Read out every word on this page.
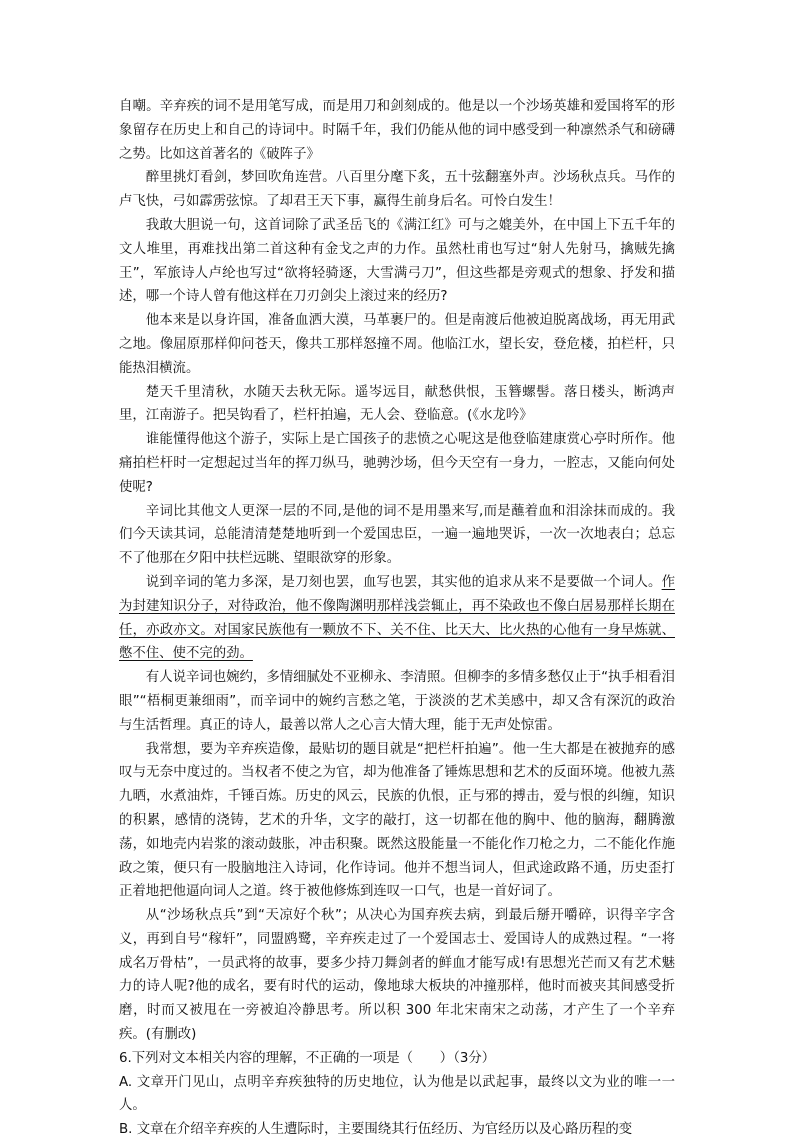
自嘲。辛弃疾的词不是用笔写成，而是用刀和剑刻成的。他是以一个沙场英雄和爱国将军的形象留存在历史上和自己的诗词中。时隔千年，我们仍能从他的词中感受到一种凛然杀气和磅礴之势。比如这首著名的《破阵子》

醉里挑灯看剑，梦回吹角连营。八百里分麾下炙，五十弦翻塞外声。沙场秋点兵。马作的卢飞快，弓如霹雳弦惊。了却君王天下事，赢得生前身后名。可怜白发生！

我敢大胆说一句，这首词除了武圣岳飞的《满江红》可与之媲美外，在中国上下五千年的文人堆里，再难找出第二首这种有金戈之声的力作。虽然杜甫也写过“射人先射马，擒贼先擒王”，军旅诗人卢纶也写过“欲将轻骑逐，大雪满弓刀”，但这些都是旁观式的想象、抒发和描述，哪一个诗人曾有他这样在刀刃剑尖上滚过来的经历?

他本来是以身许国，准备血洒大漠，马革裹尸的。但是南渡后他被迫脱离战场，再无用武之地。像屈原那样仰问苍天，像共工那样怒撞不周。他临江水，望长安，登危楼，拍栏杆，只能热泪横流。

楚天千里清秋，水随天去秋无际。遥岑远目，献愁供恨，玉簪螺髻。落日楼头，断鸿声里，江南游子。把吴钩看了，栏杆拍遍，无人会、登临意。(《水龙吟》

谁能懂得他这个游子，实际上是亡国孩子的悲愤之心呢这是他登临建康赏心亭时所作。他痛拍栏杆时一定想起过当年的挥刀纵马，驰骋沙场，但今天空有一身力，一腔志，又能向何处使呢?

辛词比其他文人更深一层的不同,是他的词不是用墨来写,而是蘸着血和泪涂抹而成的。我们今天读其词，总能清清楚楚地听到一个爱国忠臣，一遍一遍地哭诉，一次一次地表白；总忘不了他那在夕阳中扶栏远眺、望眼欲穿的形象。

说到辛词的笔力多深，是刀刻也罢，血写也罢，其实他的追求从来不是要做一个词人。作为封建知识分子，对待政治，他不像陶渊明那样浅尝辄止，再不染政也不像白居易那样长期在任，亦政亦文。对国家民族他有一颗放不下、关不住、比天大、比火热的心他有一身早炼就、憋不住、使不完的劲。

有人说辛词也婉约，多情细腻处不亚柳永、李清照。但柳李的多情多愁仅止于“执手相看泪眼”“梧桐更兼细雨”，而辛词中的婉约言愁之笔，于淡淡的艺术美感中，却又含有深沉的政治与生活哲理。真正的诗人，最善以常人之心言大情大理，能于无声处惊雷。

我常想，要为辛弃疾造像，最贴切的题目就是“把栏杆拍遍”。他一生大都是在被抛弃的感叹与无奈中度过的。当权者不使之为官，却为他准备了锤炼思想和艺术的反面环境。他被九蒸九晒，水煮油炸，千锤百炼。历史的风云，民族的仇恨，正与邪的搏击，爱与恨的纠缠，知识的积累，感情的浇铸，艺术的升华，文字的敲打，这一切都在他的胸中、他的脑海，翻腾激荡，如地壳内岩浆的滚动鼓胀，冲击积聚。既然这股能量一不能化作刀枪之力，二不能化作施政之策，便只有一股脑地注入诗词，化作诗词。他并不想当词人，但武途政路不通，历史歪打正着地把他逼向词人之道。终于被他修炼到连叹一口气，也是一首好词了。

从“沙场秋点兵”到“天凉好个秋”；从决心为国弃疾去病，到最后掰开嚼碎，识得辛字含义，再到自号“稼轩”，同盟鸥鹭，辛弃疾走过了一个爱国志士、爱国诗人的成熟过程。“一将成名万骨枯”，一员武将的故事，要多少持刀舞剑者的鲜血才能写成!有思想光芒而又有艺术魅力的诗人呢?他的成名，要有时代的运动，像地球大板块的冲撞那样，他时而被夹其间感受折磨，时而又被甩在一旁被迫冷静思考。所以积 300 年北宋南宋之动荡，才产生了一个辛弃疾。(有删改)

6.下列对文本相关内容的理解，不正确的一项是（　　）（3分）

A. 文章开门见山，点明辛弃疾独特的历史地位，认为他是以武起事，最终以文为业的唯一一人。

B. 文章在介绍辛弃疾的人生遭际时，主要围绕其行伍经历、为官经历以及心路历程的变
